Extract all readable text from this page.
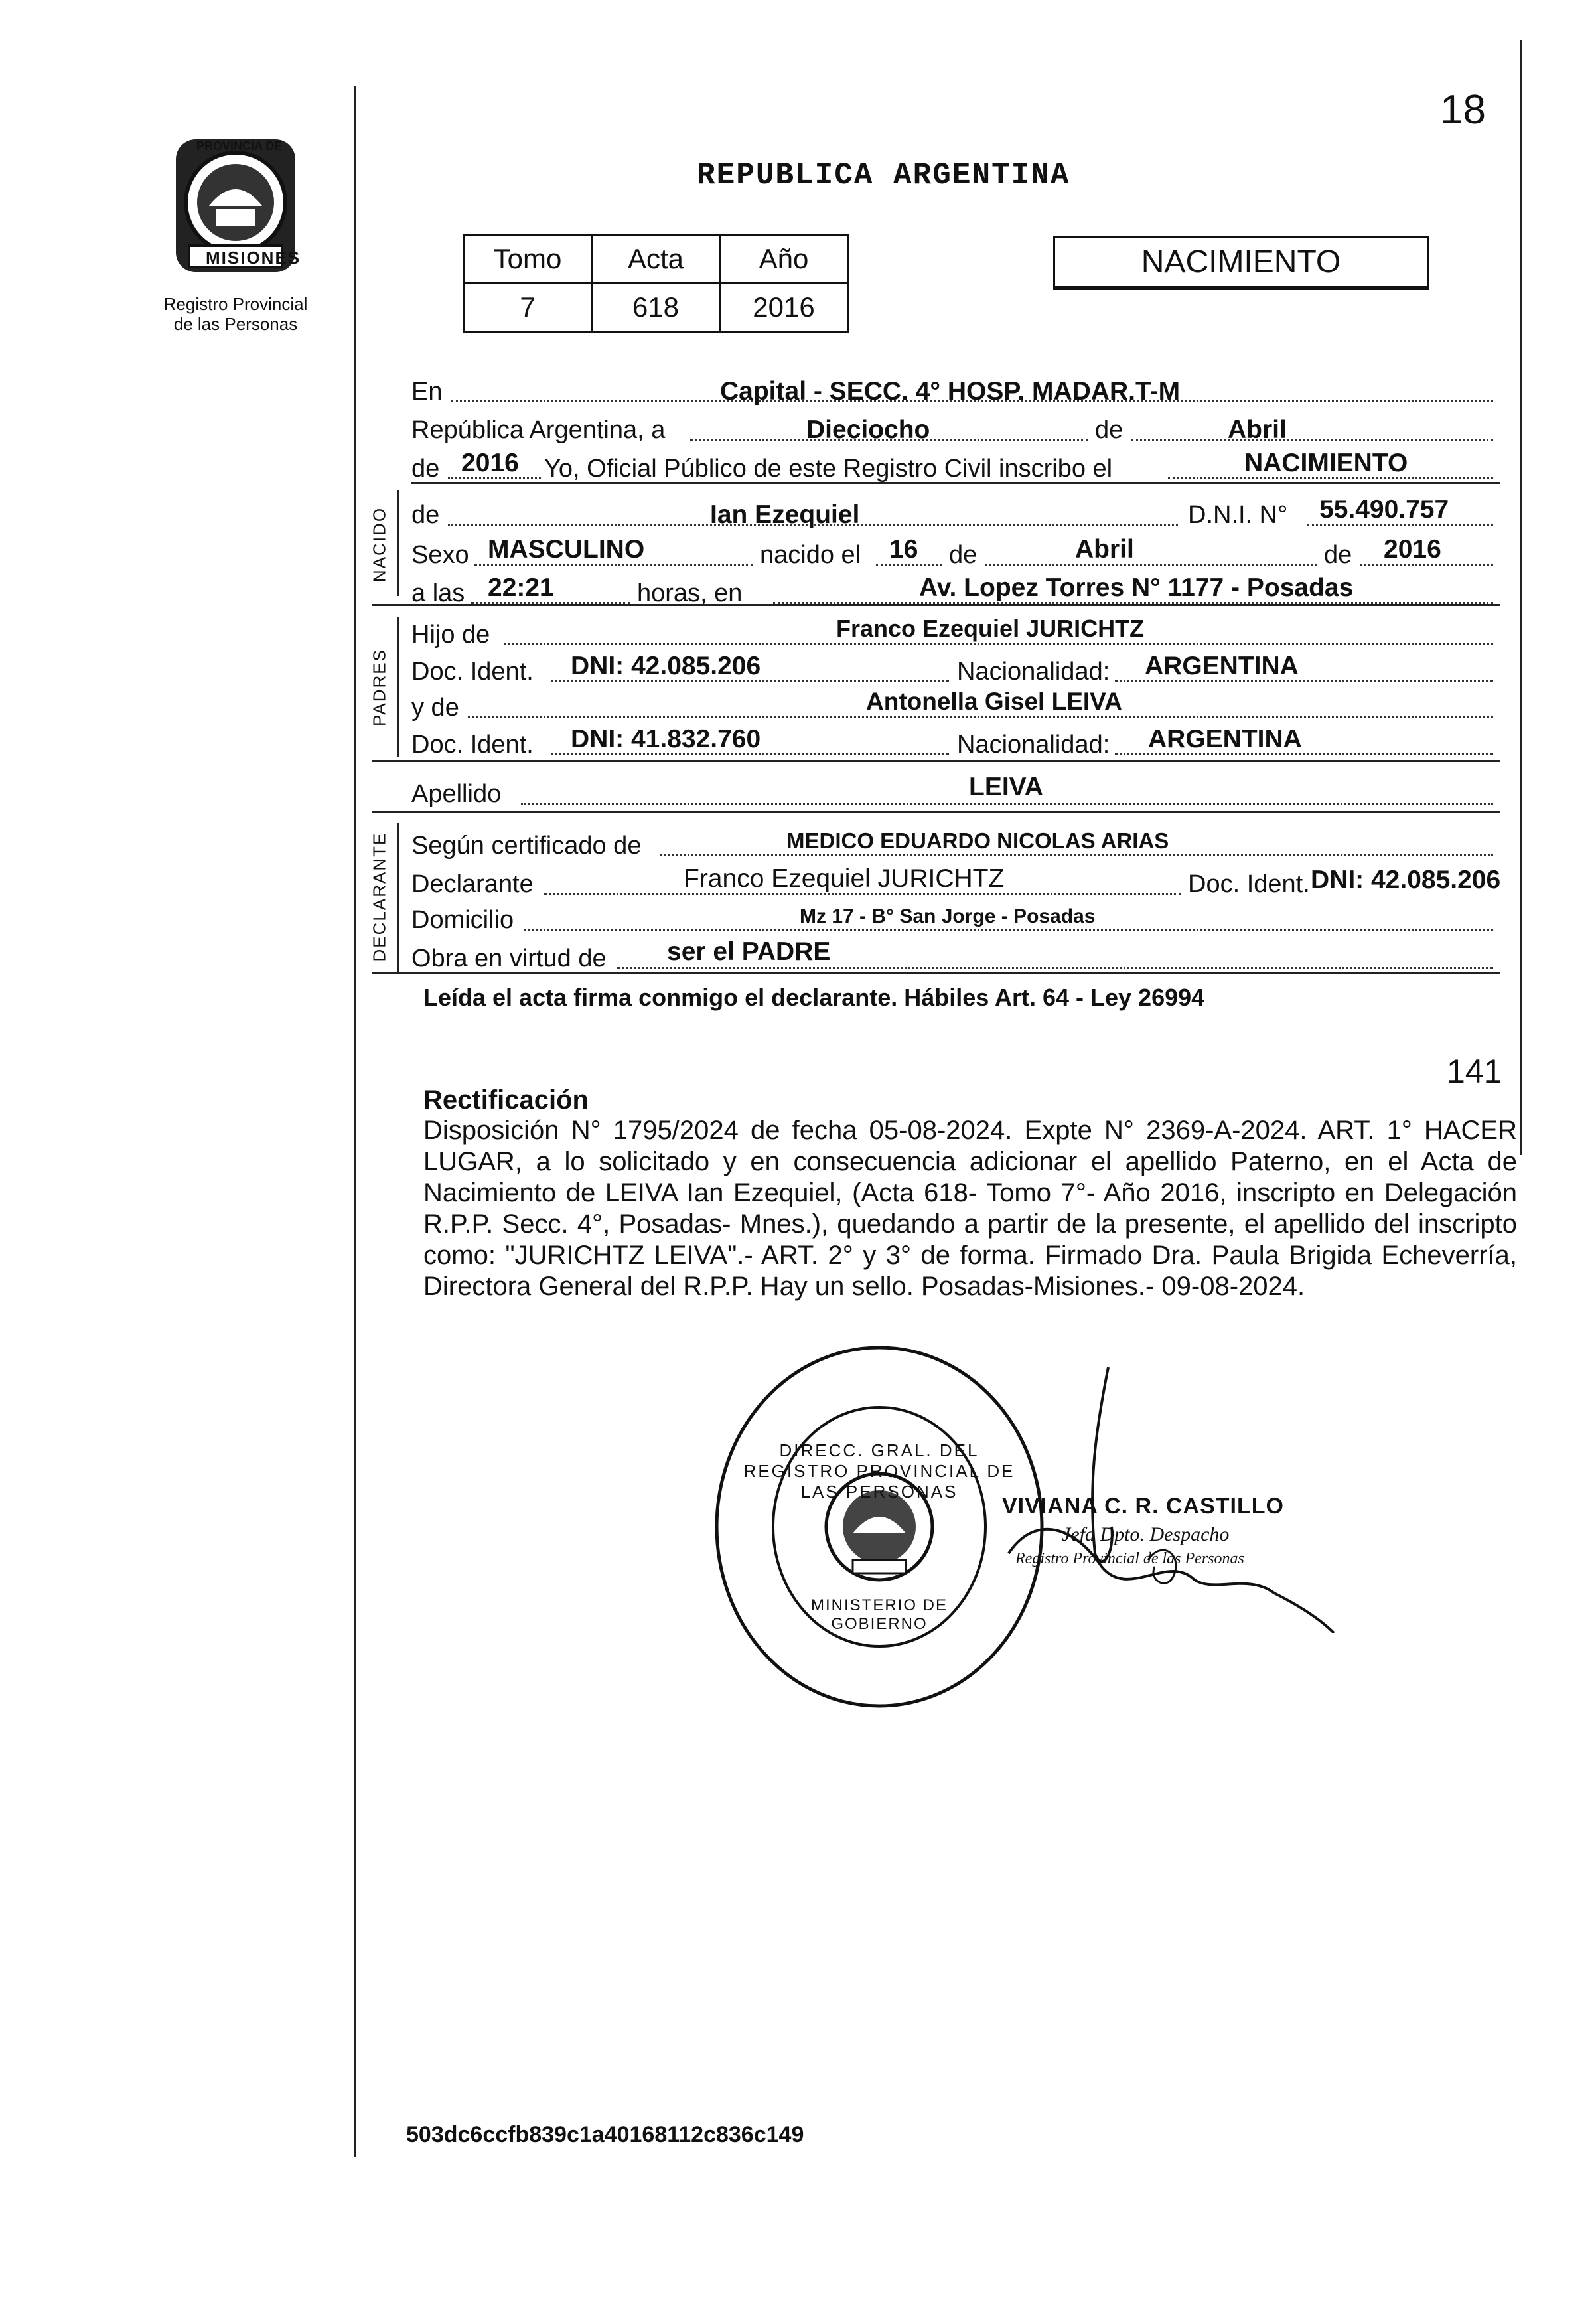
18
PROVINCIA DE
MISIONES
Registro Provincial
de las Personas
REPUBLICA ARGENTINA
Tomo	Acta	Año
7	618	2016
NACIMIENTO
En	Capital - SECC. 4° HOSP. MADAR.T-M
República Argentina, a	Dieciocho	de	Abril
de 2016 Yo, Oficial Público de este Registro Civil inscribo el	NACIMIENTO
NACIDO de	Ian Ezequiel	D.N.I. N° 55.490.757
Sexo MASCULINO	nacido el 16 de	Abril	de 2016
a las 22:21	horas, en	Av. Lopez Torres N° 1177 - Posadas
PADRES
Hijo de	Franco Ezequiel JURICHTZ
Doc. Ident. DNI: 42.085.206	Nacionalidad: ARGENTINA
y de	Antonella Gisel LEIVA
Doc. Ident. DNI: 41.832.760	Nacionalidad: ARGENTINA
Apellido	LEIVA
DECLARANTE Según certificado de	MEDICO EDUARDO NICOLAS ARIAS
Declarante	Franco Ezequiel JURICHTZ	Doc. Ident. DNI: 42.085.206
Domicilio	Mz 17 - B° San Jorge - Posadas
Obra en virtud de ser el PADRE
Leída el acta firma conmigo el declarante. Hábiles Art. 64 - Ley 26994
141
Rectificación
Disposición N° 1795/2024 de fecha 05-08-2024. Expte N° 2369-A-2024. ART. 1° HACER LUGAR, a lo solicitado y en consecuencia adicionar el apellido Paterno, en el Acta de Nacimiento de LEIVA Ian Ezequiel, (Acta 618- Tomo 7°- Año 2016, inscripto en Delegación R.P.P. Secc. 4°, Posadas- Mnes.), quedando a partir de la presente, el apellido del inscripto como: "JURICHTZ LEIVA".- ART. 2° y 3° de forma. Firmado Dra. Paula Brigida Echeverría, Directora General del R.P.P. Hay un sello. Posadas-Misiones.- 09-08-2024.
DIRECC. GRAL. DEL REGISTRO PROVINCIAL DE LAS PERSONAS
MINISTERIO DE GOBIERNO
VIVIANA C. R. CASTILLO
Jefa Dpto. Despacho
Registro Provincial de las Personas
503dc6ccfb839c1a40168112c836c149
